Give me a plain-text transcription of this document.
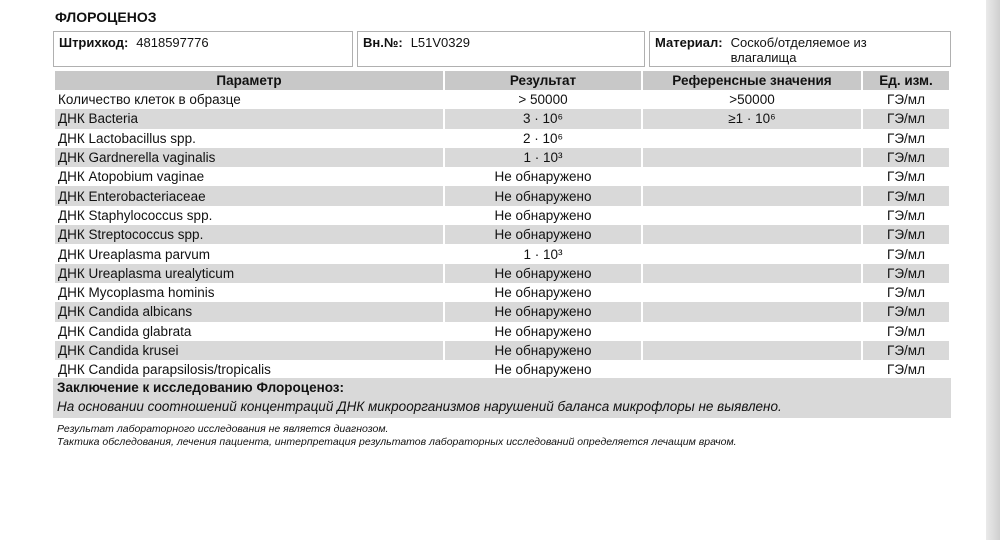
ФЛОРОЦЕНОЗ
Штрихкод: 4818597776	Вн.№: L51V0329	Материал: Соскоб/отделяемое из влагалища
Параметр	Результат	Референсные значения	Ед. изм.
Количество клеток в образце	> 50000	>50000	ГЭ/мл
ДНК Bacteria	3 · 10⁶	≥1 · 10⁶	ГЭ/мл
ДНК Lactobacillus spp.	2 · 10⁶		ГЭ/мл
ДНК Gardnerella vaginalis	1 · 10³		ГЭ/мл
ДНК Atopobium vaginae	Не обнаружено		ГЭ/мл
ДНК Enterobacteriaceae	Не обнаружено		ГЭ/мл
ДНК Staphylococcus spp.	Не обнаружено		ГЭ/мл
ДНК Streptococcus spp.	Не обнаружено		ГЭ/мл
ДНК Ureaplasma parvum	1 · 10³		ГЭ/мл
ДНК Ureaplasma urealyticum	Не обнаружено		ГЭ/мл
ДНК Mycoplasma hominis	Не обнаружено		ГЭ/мл
ДНК Candida albicans	Не обнаружено		ГЭ/мл
ДНК Candida glabrata	Не обнаружено		ГЭ/мл
ДНК Candida krusei	Не обнаружено		ГЭ/мл
ДНК Candida parapsilosis/tropicalis	Не обнаружено		ГЭ/мл
Заключение к исследованию Флороценоз:
На основании соотношений концентраций ДНК микроорганизмов нарушений баланса микрофлоры не выявлено.
Результат лабораторного исследования не является диагнозом.
Тактика обследования, лечения пациента, интерпретация результатов лабораторных исследований определяется лечащим врачом.
